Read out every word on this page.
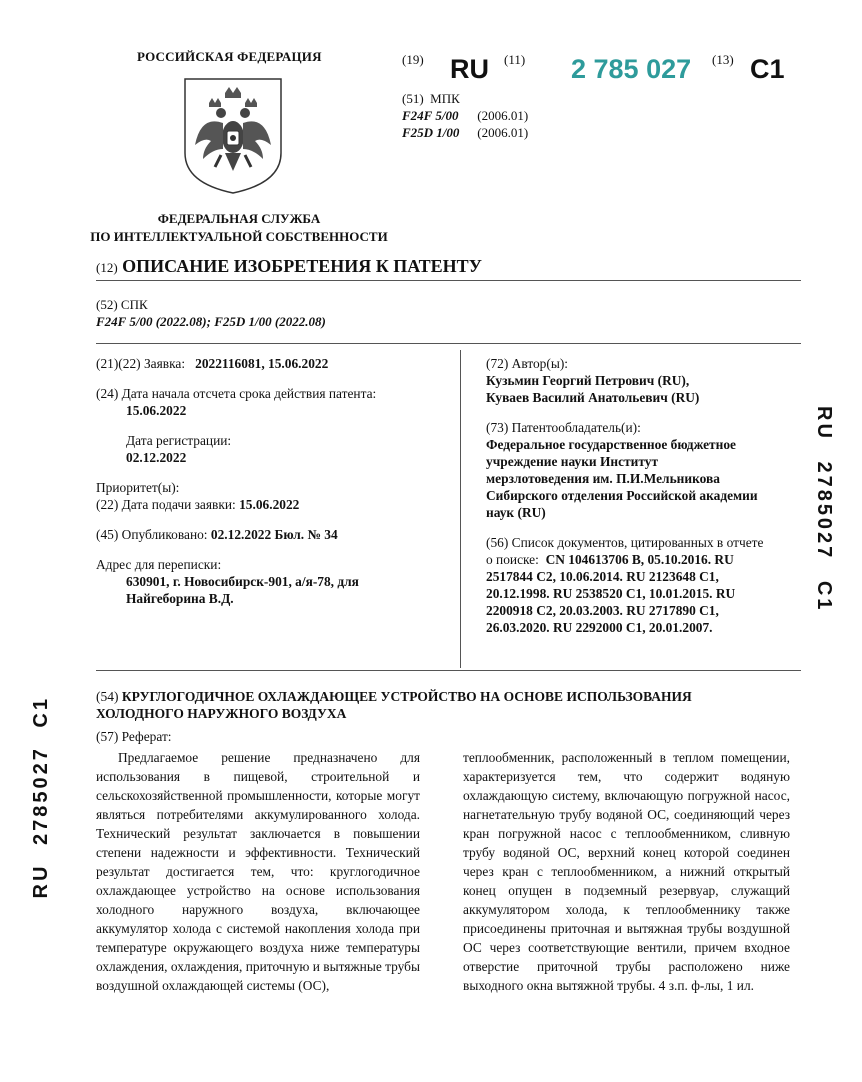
РОССИЙСКАЯ ФЕДЕРАЦИЯ
ФЕДЕРАЛЬНАЯ СЛУЖБА
ПО ИНТЕЛЛЕКТУАЛЬНОЙ СОБСТВЕННОСТИ
(19) RU (11) 2 785 027 (13) C1
(51) МПК
F24F 5/00 (2006.01)
F25D 1/00 (2006.01)
(12) ОПИСАНИЕ ИЗОБРЕТЕНИЯ К ПАТЕНТУ
(52) СПК
F24F 5/00 (2022.08); F25D 1/00 (2022.08)
(21)(22) Заявка: 2022116081, 15.06.2022
(24) Дата начала отсчета срока действия патента:
15.06.2022
Дата регистрации:
02.12.2022
Приоритет(ы):
(22) Дата подачи заявки: 15.06.2022
(45) Опубликовано: 02.12.2022 Бюл. № 34
Адрес для переписки:
630901, г. Новосибирск-901, а/я-78, для
Найгеборина В.Д.
(72) Автор(ы):
Кузьмин Георгий Петрович (RU),
Куваев Василий Анатольевич (RU)
(73) Патентообладатель(и):
Федеральное государственное бюджетное
учреждение науки Институт
мерзлотоведения им. П.И.Мельникова
Сибирского отделения Российской академии
наук (RU)
(56) Список документов, цитированных в отчете
о поиске: CN 104613706 B, 05.10.2016. RU
2517844 C2, 10.06.2014. RU 2123648 C1,
20.12.1998. RU 2538520 C1, 10.01.2015. RU
2200918 C2, 20.03.2003. RU 2717890 C1,
26.03.2020. RU 2292000 C1, 20.01.2007.
(54) КРУГЛОГОДИЧНОЕ ОХЛАЖДАЮЩЕЕ УСТРОЙСТВО НА ОСНОВЕ ИСПОЛЬЗОВАНИЯ
ХОЛОДНОГО НАРУЖНОГО ВОЗДУХА
(57) Реферат:
Предлагаемое решение предназначено для использования в пищевой, строительной и сельскохозяйственной промышленности, которые могут являться потребителями аккумулированного холода. Технический результат заключается в повышении степени надежности и эффективности. Технический результат достигается тем, что: круглогодичное охлаждающее устройство на основе использования холодного наружного воздуха, включающее аккумулятор холода с системой накопления холода при температуре окружающего воздуха ниже температуры охлаждения, охлаждения, приточную и вытяжные трубы воздушной охлаждающей системы (ОС),
теплообменник, расположенный в теплом помещении, характеризуется тем, что содержит водяную охлаждающую систему, включающую погружной насос, нагнетательную трубу водяной ОС, соединяющий через кран погружной насос с теплообменником, сливную трубу водяной ОС, верхний конец которой соединен через кран с теплообменником, а нижний открытый конец опущен в подземный резервуар, служащий аккумулятором холода, к теплообменнику также присоединены приточная и вытяжная трубы воздушной ОС через соответствующие вентили, причем входное отверстие приточной трубы расположено ниже выходного окна вытяжной трубы. 4 з.п. ф-лы, 1 ил.
RU 2785027 C1
RU 2785027 C1
